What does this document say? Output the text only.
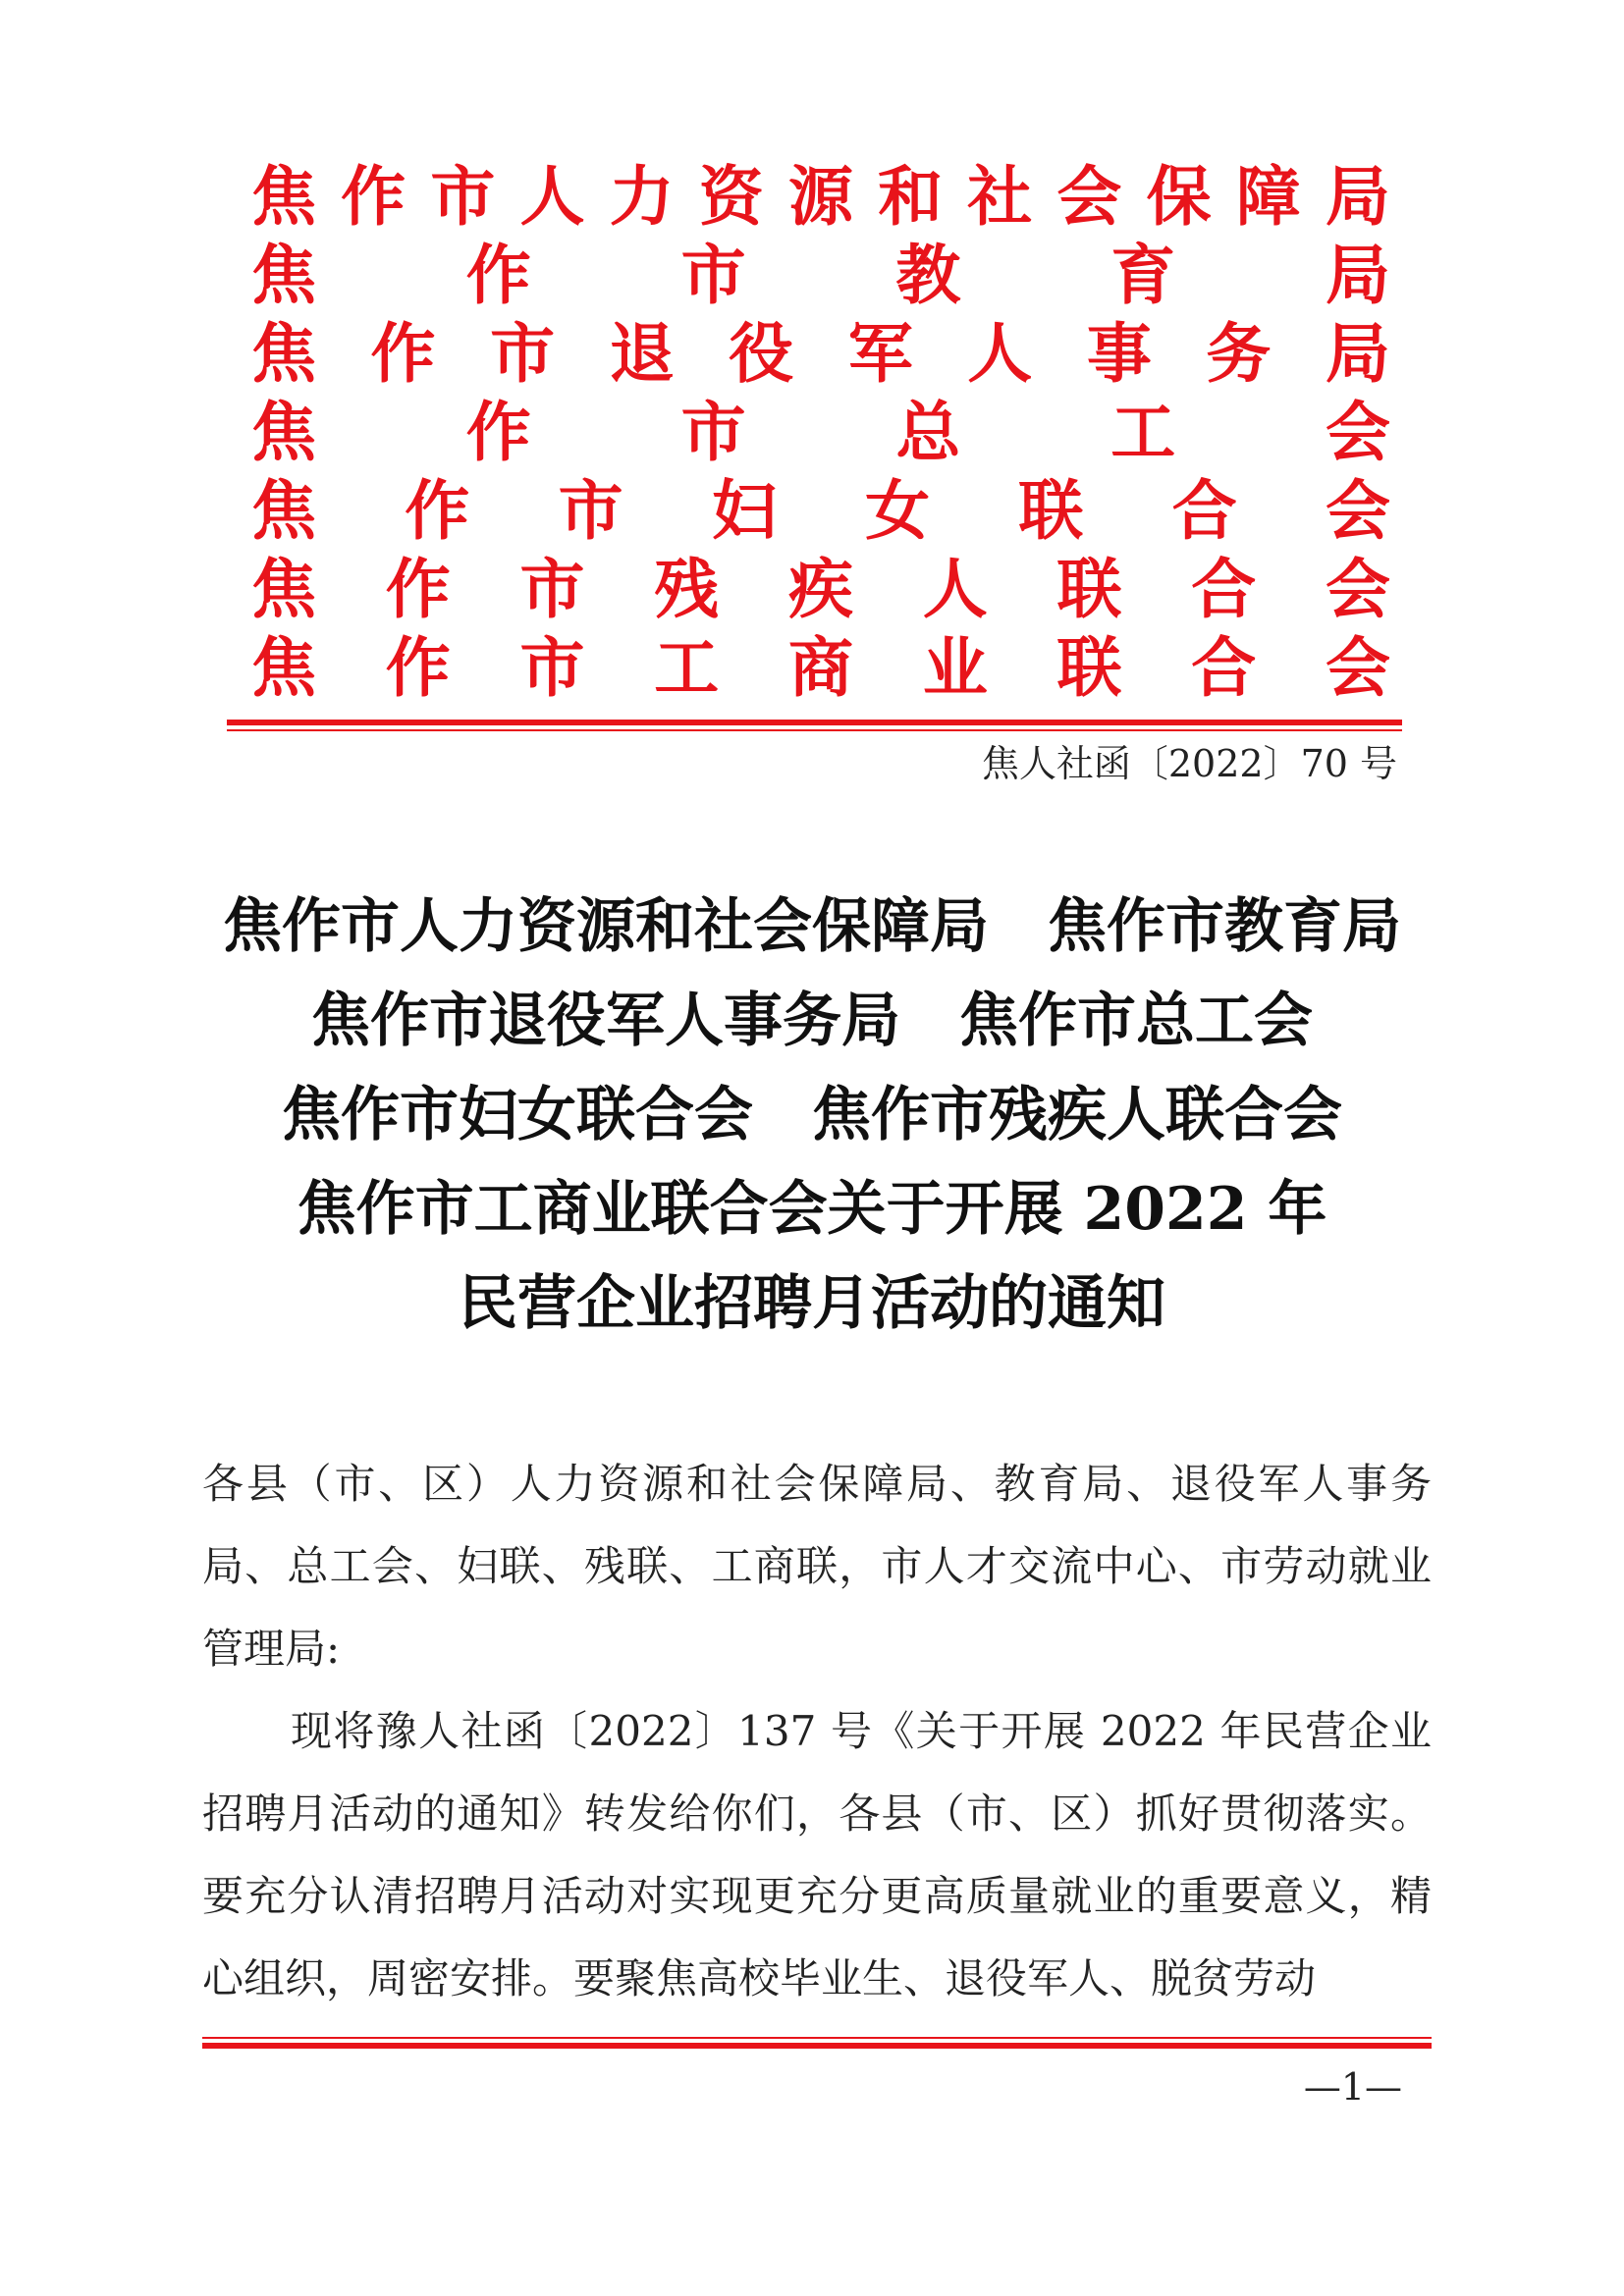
焦 作 市 人 力 资 源 和 社 会 保 障 局
焦 作 市 教 育 局
焦 作 市 退 役 军 人 事 务 局
焦 作 市 总 工 会
焦 作 市 妇 女 联 合 会
焦 作 市 残 疾 人 联 合 会
焦 作 市 工 商 业 联 合 会
焦人社函〔2022〕70 号
焦作市人力资源和社会保障局　焦作市教育局
焦作市退役军人事务局　焦作市总工会
焦作市妇女联合会　焦作市残疾人联合会
焦作市工商业联合会关于开展 2022 年
民营企业招聘月活动的通知

各县（市、区）人力资源和社会保障局、教育局、退役军人事务局、总工会、妇联、残联、工商联，市人才交流中心、市劳动就业管理局:

现将豫人社函〔2022〕137 号《关于开展 2022 年民营企业招聘月活动的通知》转发给你们，各县（市、区）抓好贯彻落实。要充分认清招聘月活动对实现更充分更高质量就业的重要意义，精心组织，周密安排。要聚焦高校毕业生、退役军人、脱贫劳动

—1—
